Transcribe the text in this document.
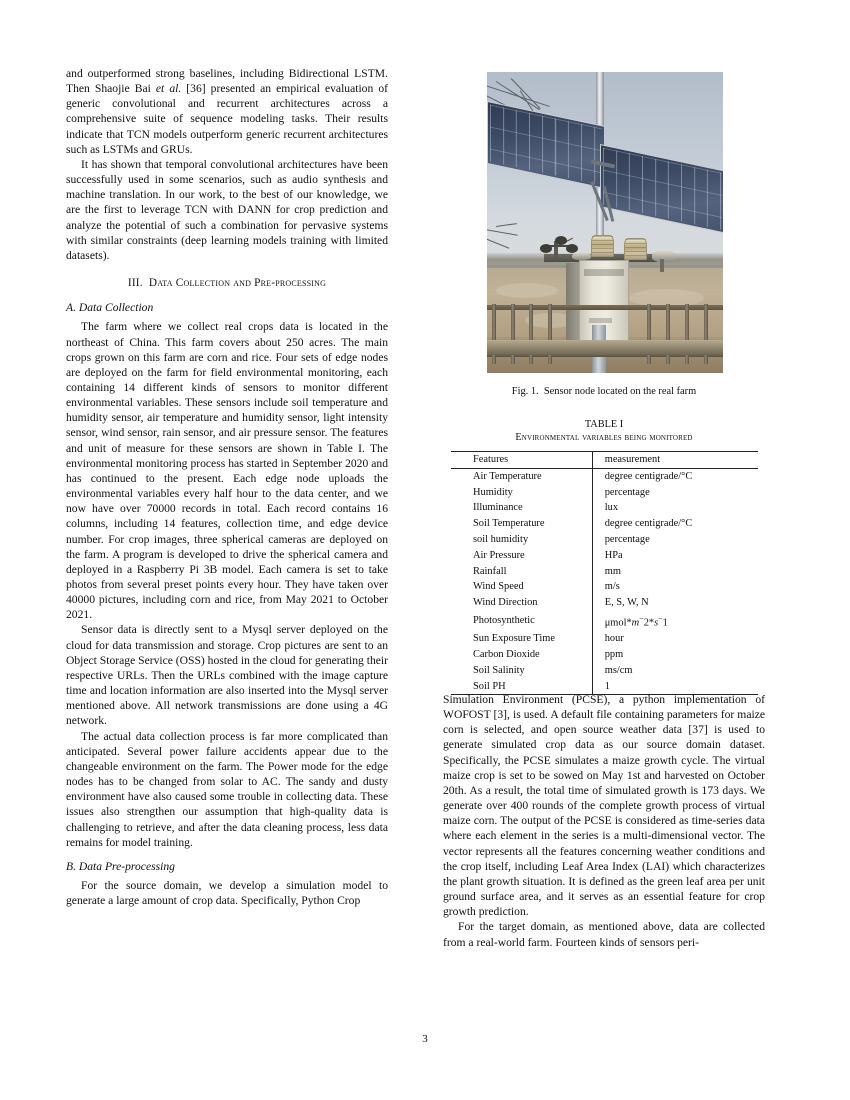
and outperformed strong baselines, including Bidirectional LSTM. Then Shaojie Bai et al. [36] presented an empirical evaluation of generic convolutional and recurrent architectures across a comprehensive suite of sequence modeling tasks. Their results indicate that TCN models outperform generic recurrent architectures such as LSTMs and GRUs.

It has shown that temporal convolutional architectures have been successfully used in some scenarios, such as audio synthesis and machine translation. In our work, to the best of our knowledge, we are the first to leverage TCN with DANN for crop prediction and analyze the potential of such a combination for pervasive systems with similar constraints (deep learning models training with limited datasets).

III. Data Collection and Pre-processing
A. Data Collection

The farm where we collect real crops data is located in the northeast of China. This farm covers about 250 acres. The main crops grown on this farm are corn and rice. Four sets of edge nodes are deployed on the farm for field environmental monitoring, each containing 14 different kinds of sensors to monitor different environmental variables. These sensors include soil temperature and humidity sensor, air temperature and humidity sensor, light intensity sensor, wind sensor, rain sensor, and air pressure sensor. The features and unit of measure for these sensors are shown in Table I. The environmental monitoring process has started in September 2020 and has continued to the present. Each edge node uploads the environmental variables every half hour to the data center, and we now have over 70000 records in total. Each record contains 16 columns, including 14 features, collection time, and edge device number. For crop images, three spherical cameras are deployed on the farm. A program is developed to drive the spherical camera and deployed in a Raspberry Pi 3B model. Each camera is set to take photos from several preset points every hour. They have taken over 40000 pictures, including corn and rice, from May 2021 to October 2021.

Sensor data is directly sent to a Mysql server deployed on the cloud for data transmission and storage. Crop pictures are sent to an Object Storage Service (OSS) hosted in the cloud for generating their respective URLs. Then the URLs combined with the image capture time and location information are also inserted into the Mysql server mentioned above. All network transmissions are done using a 4G network.

The actual data collection process is far more complicated than anticipated. Several power failure accidents appear due to the changeable environment on the farm. The Power mode for the edge nodes has to be changed from solar to AC. The sandy and dusty environment have also caused some trouble in collecting data. These issues also strengthen our assumption that high-quality data is challenging to retrieve, and after the data cleaning process, less data remains for model training.

B. Data Pre-processing

For the source domain, we develop a simulation model to generate a large amount of crop data. Specifically, Python Crop

Fig. 1. Sensor node located on the real farm
TABLE I
Environmental variables being monitored
Features	measurement
Air Temperature	degree centigrade/°C
Humidity	percentage
Illuminance	lux
Soil Temperature	degree centigrade/°C
soil humidity	percentage
Air Pressure	HPa
Rainfall	mm
Wind Speed	m/s
Wind Direction	E, S, W, N
Photosynthetic	μmol*m−2*s−1
Sun Exposure Time	hour
Carbon Dioxide	ppm
Soil Salinity	ms/cm
Soil PH	1

Simulation Environment (PCSE), a python implementation of WOFOST [3], is used. A default file containing parameters for maize corn is selected, and open source weather data [37] is used to generate simulated crop data as our source domain dataset. Specifically, the PCSE simulates a maize growth cycle. The virtual maize crop is set to be sowed on May 1st and harvested on October 20th. As a result, the total time of simulated growth is 173 days. We generate over 400 rounds of the complete growth process of virtual maize corn. The output of the PCSE is considered as time-series data where each element in the series is a multi-dimensional vector. The vector represents all the features concerning weather conditions and the crop itself, including Leaf Area Index (LAI) which characterizes the plant growth situation. It is defined as the green leaf area per unit ground surface area, and it serves as an essential feature for crop growth prediction.

For the target domain, as mentioned above, data are collected from a real-world farm. Fourteen kinds of sensors peri-

3
